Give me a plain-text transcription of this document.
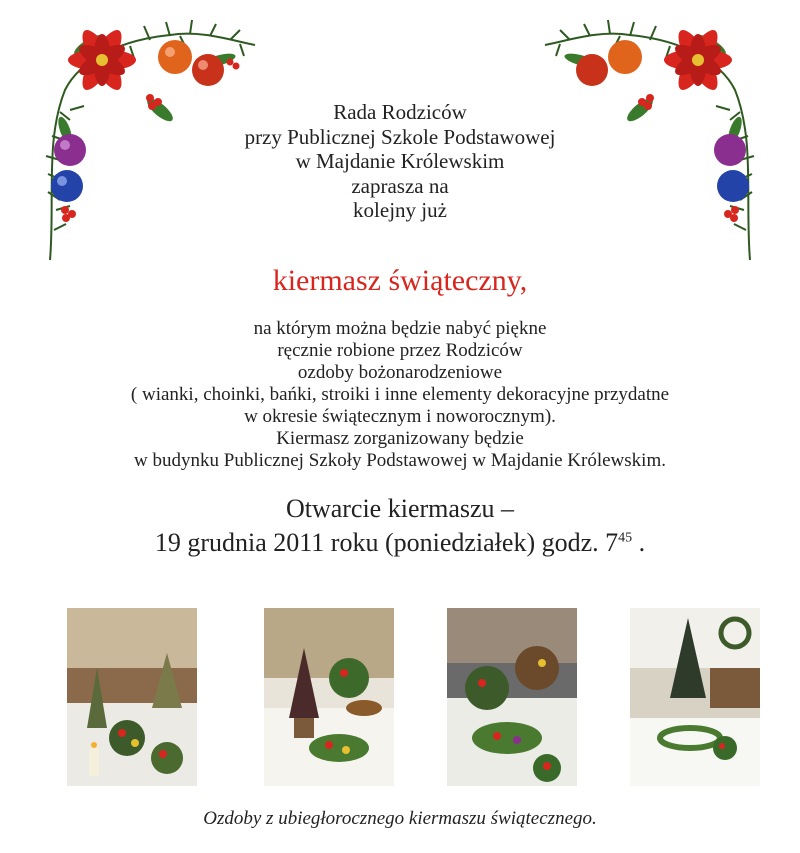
Rada Rodziców
przy Publicznej Szkole Podstawowej
w Majdanie Królewskim
zaprasza na
kolejny już
kiermasz świąteczny,
na którym można będzie nabyć piękne
ręcznie robione przez Rodziców
ozdoby bożonarodzeniowe
( wianki, choinki, bańki, stroiki i inne elementy dekoracyjne przydatne
w okresie świątecznym i noworocznym).
Kiermasz zorganizowany będzie
w budynku Publicznej Szkoły Podstawowej w Majdanie Królewskim.
Otwarcie kiermaszu –
19 grudnia 2011 roku (poniedziałek) godz. $7^{45}$ .
Ozdoby z ubiegłorocznego kiermaszu świątecznego.
